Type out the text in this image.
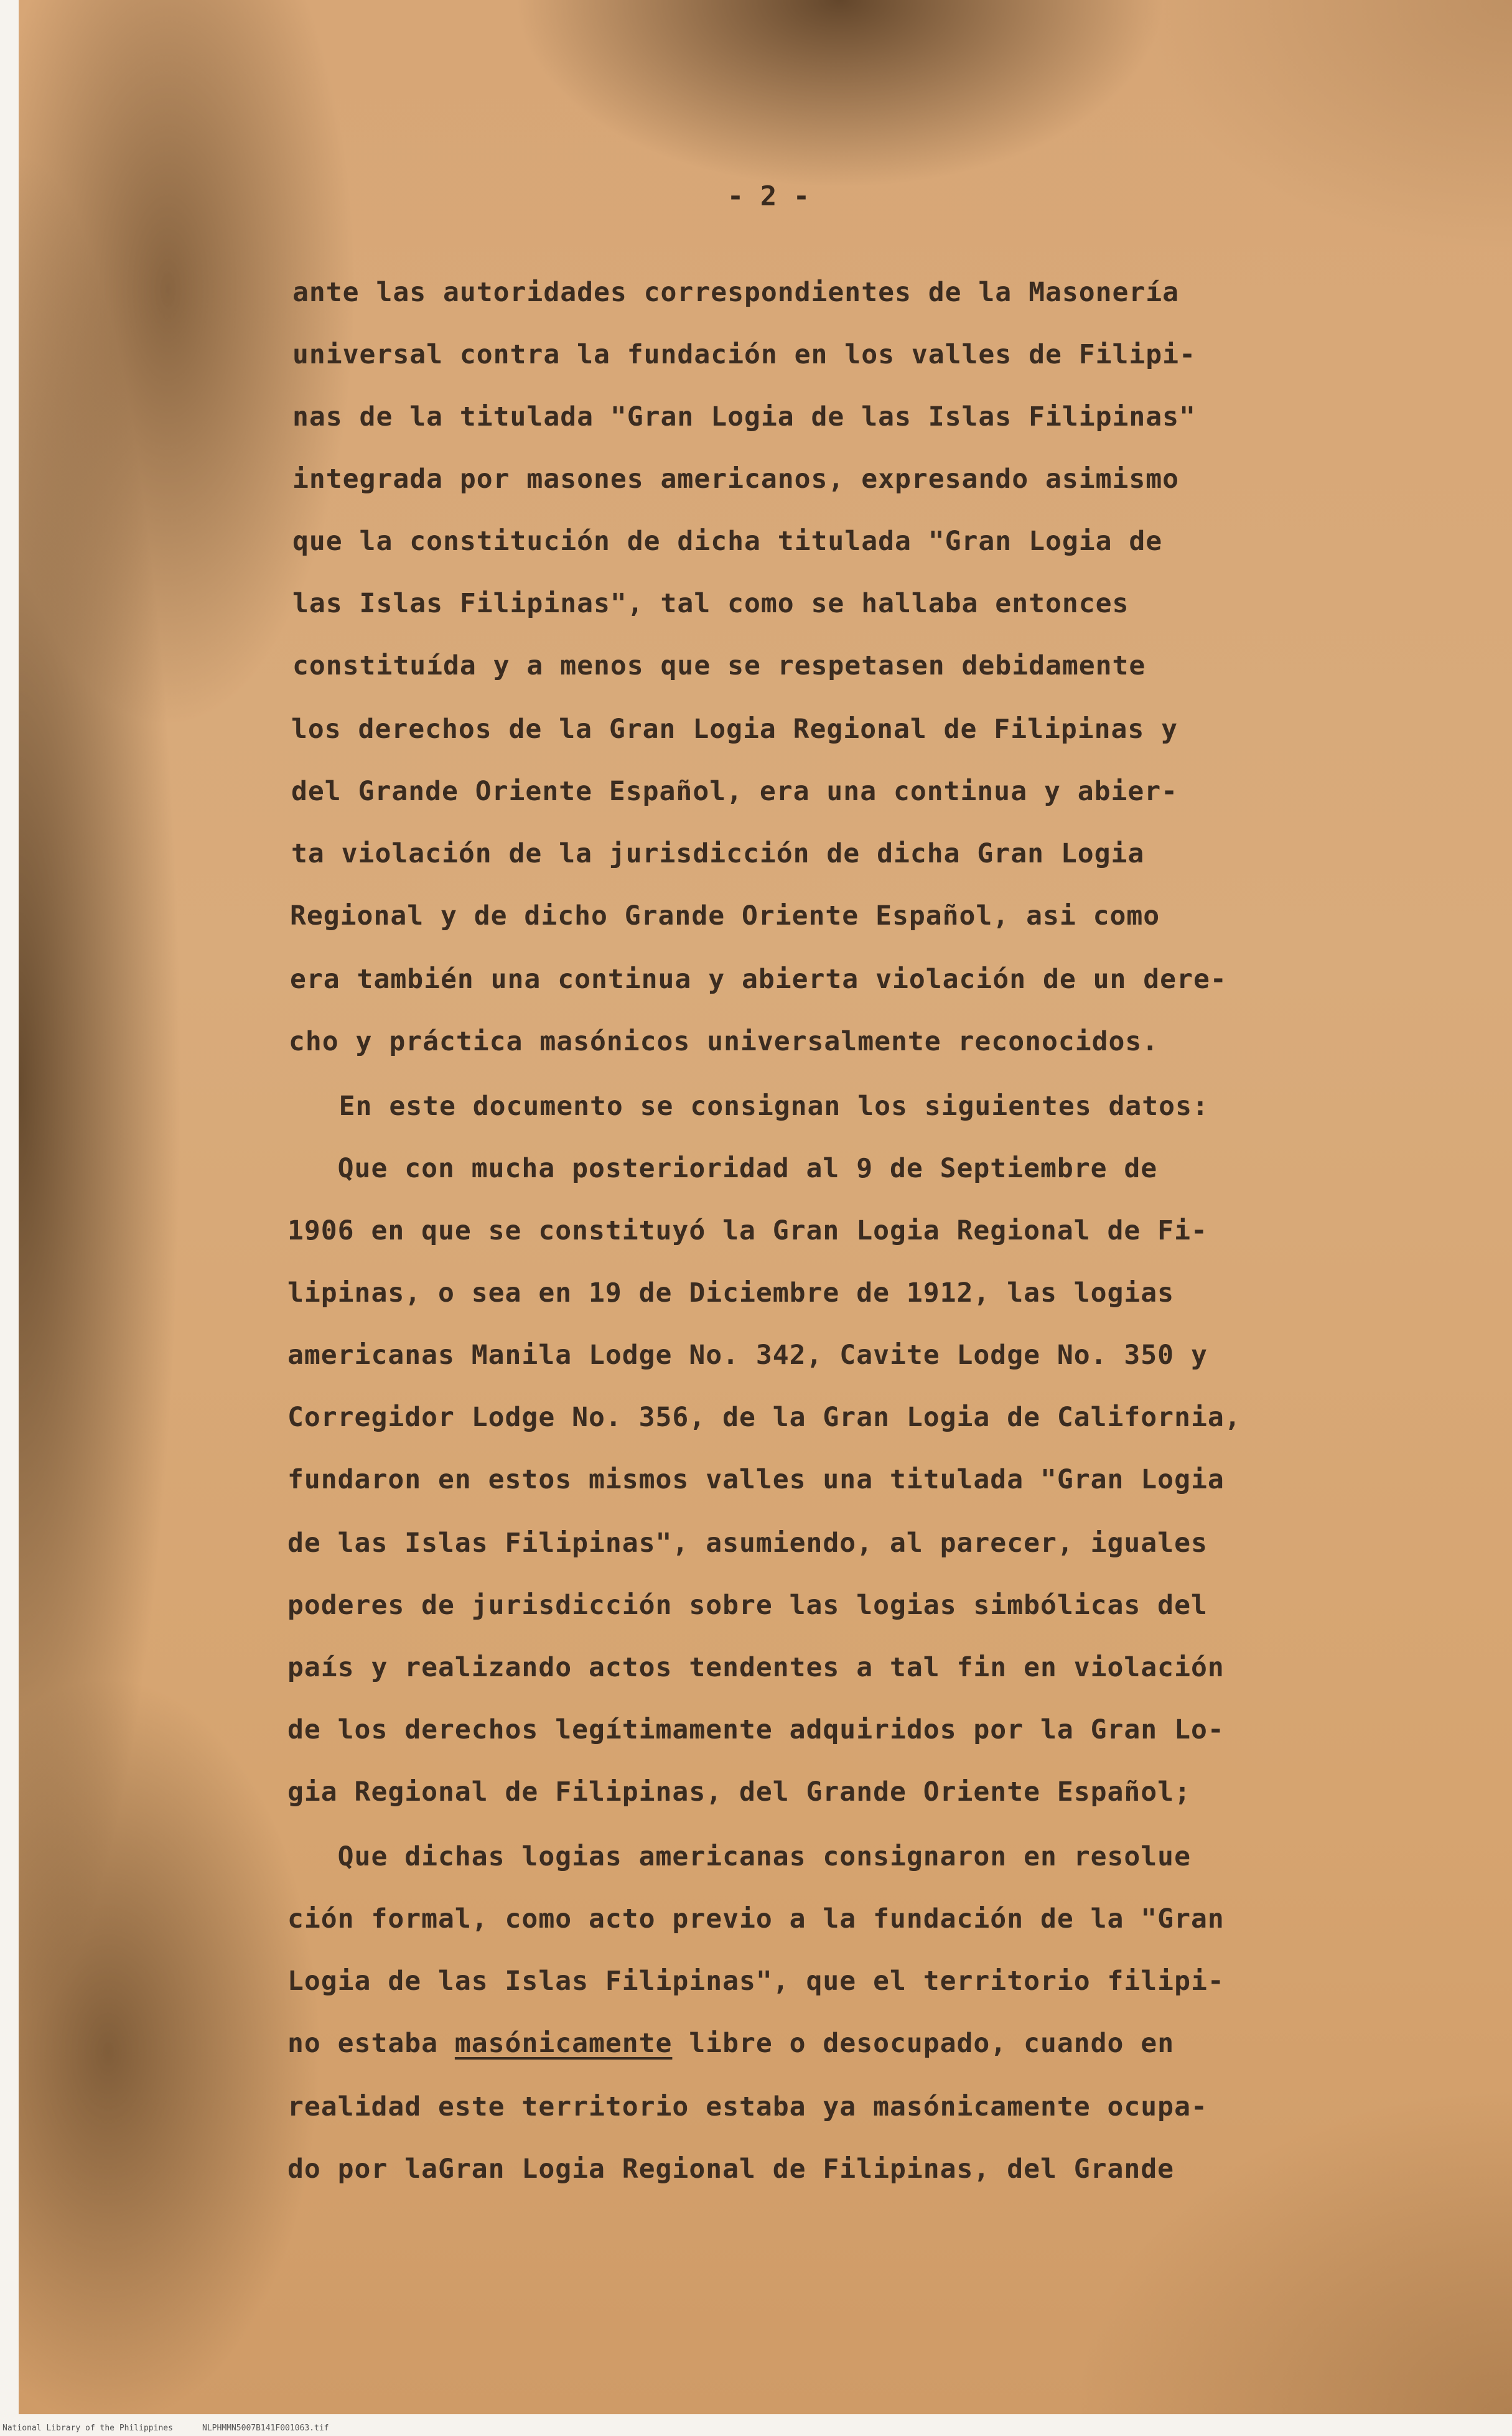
- 2 -

ante las autoridades correspondientes de la Masonería

universal contra la fundación en los valles de Filipi-

nas de la titulada "Gran Logia de las Islas Filipinas"

integrada por masones americanos, expresando asimismo

que la constitución de dicha titulada "Gran Logia de

las Islas Filipinas", tal como se hallaba entonces

constituída y a menos que se respetasen debidamente

los derechos de la Gran Logia Regional de Filipinas y

del Grande Oriente Español, era una continua y abier-

ta violación de la jurisdicción de dicha Gran Logia

Regional y de dicho Grande Oriente Español, asi como

era también una continua y abierta violación de un dere-

cho y práctica masónicos universalmente reconocidos.

En este documento se consignan los siguientes datos:

Que con mucha posterioridad al 9 de Septiembre de

1906 en que se constituyó la Gran Logia Regional de Fi-

lipinas, o sea en 19 de Diciembre de 1912, las logias

americanas Manila Lodge No. 342, Cavite Lodge No. 350 y

Corregidor Lodge No. 356, de la Gran Logia de California,

fundaron en estos mismos valles una titulada "Gran Logia

de las Islas Filipinas", asumiendo, al parecer, iguales

poderes de jurisdicción sobre las logias simbólicas del

país y realizando actos tendentes a tal fin en violación

de los derechos legítimamente adquiridos por la Gran Lo-

gia Regional de Filipinas, del Grande Oriente Español;

Que dichas logias americanas consignaron en resolue

ción formal, como acto previo a la fundación de la "Gran

Logia de las Islas Filipinas", que el territorio filipi-

no estaba masónicamente libre o desocupado, cuando en

realidad este territorio estaba ya masónicamente ocupa-

do por laGran Logia Regional de Filipinas, del Grande

National Library of the Philippines	NLPHMMN5007B141F001063.tif
